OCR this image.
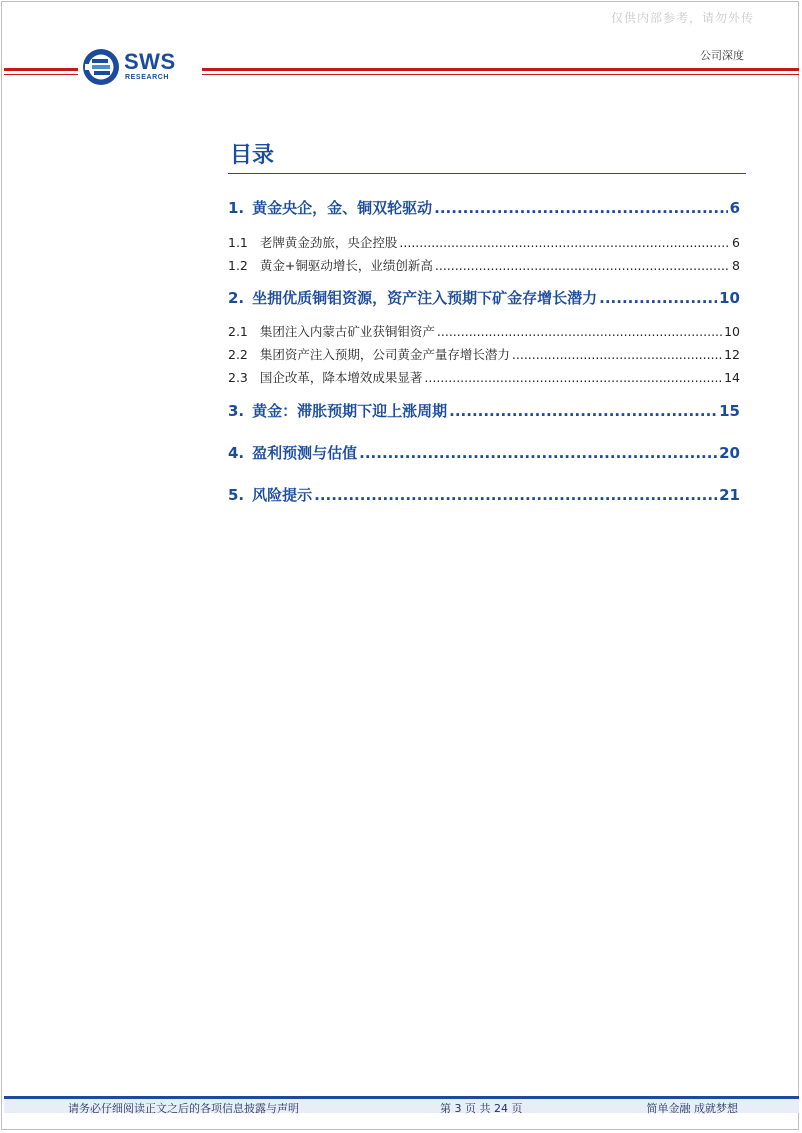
仅供内部参考，请勿外传
SWS
RESEARCH
公司深度
目录
1. 黄金央企，金、铜双轮驱动 .....	6
1.1 老牌黄金劲旅，央企控股 .....	6
1.2 黄金+铜驱动增长，业绩创新高 .....	8
2. 坐拥优质铜钼资源，资产注入预期下矿金存增长潜力 .....	10
2.1 集团注入内蒙古矿业获铜钼资产 .....	10
2.2 集团资产注入预期，公司黄金产量存增长潜力 .....	12
2.3 国企改革，降本增效成果显著 .....	14
3. 黄金：滞胀预期下迎上涨周期 .....	15
4. 盈利预测与估值 .....	20
5. 风险提示 .....	21
请务必仔细阅读正文之后的各项信息披露与声明	第 3 页 共 24 页	简单金融 成就梦想
